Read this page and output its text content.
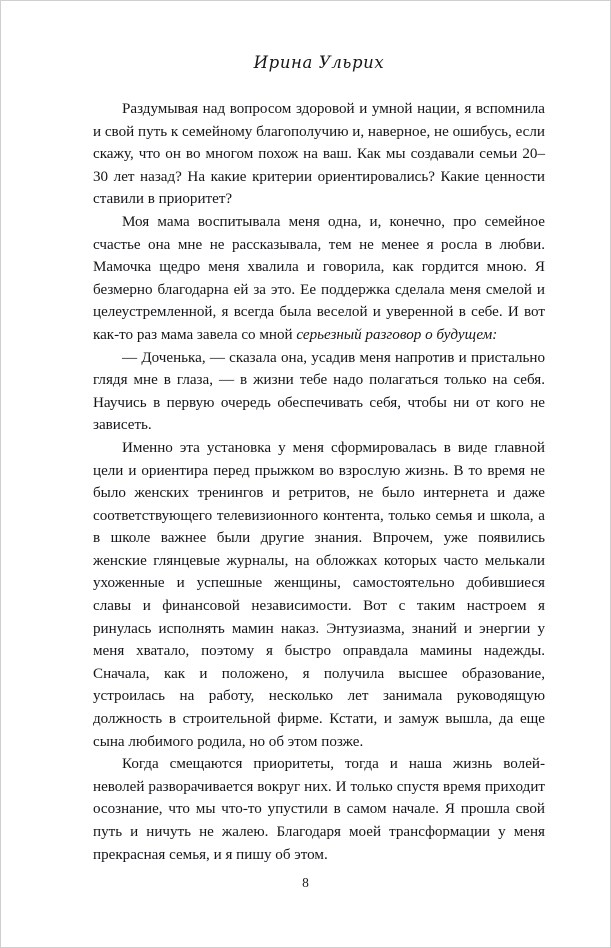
Ирина Ульрих

Раздумывая над вопросом здоровой и умной нации, я вспомнила и свой путь к семейному благополучию и, наверное, не ошибусь, если скажу, что он во многом похож на ваш. Как мы создавали семьи 20–30 лет назад? На какие критерии ориентировались? Какие ценности ставили в приоритет?

Моя мама воспитывала меня одна, и, конечно, про семейное счастье она мне не рассказывала, тем не менее я росла в любви. Мамочка щедро меня хвалила и говорила, как гордится мною. Я безмерно благодарна ей за это. Ее поддержка сделала меня смелой и целеустремленной, я всегда была веселой и уверенной в себе. И вот как-то раз мама завела со мной серьезный разговор о будущем:

— Доченька, — сказала она, усадив меня напротив и пристально глядя мне в глаза, — в жизни тебе надо полагаться только на себя. Научись в первую очередь обеспечивать себя, чтобы ни от кого не зависеть.

Именно эта установка у меня сформировалась в виде главной цели и ориентира перед прыжком во взрослую жизнь. В то время не было женских тренингов и ретритов, не было интернета и даже соответствующего телевизионного контента, только семья и школа, а в школе важнее были другие знания. Впрочем, уже появились женские глянцевые журналы, на обложках которых часто мелькали ухоженные и успешные женщины, самостоятельно добившиеся славы и финансовой независимости. Вот с таким настроем я ринулась исполнять мамин наказ. Энтузиазма, знаний и энергии у меня хватало, поэтому я быстро оправдала мамины надежды. Сначала, как и положено, я получила высшее образование, устроилась на работу, несколько лет занимала руководящую должность в строительной фирме. Кстати, и замуж вышла, да еще сына любимого родила, но об этом позже.

Когда смещаются приоритеты, тогда и наша жизнь волей-неволей разворачивается вокруг них. И только спустя время приходит осознание, что мы что-то упустили в самом начале. Я прошла свой путь и ничуть не жалею. Благодаря моей трансформации у меня прекрасная семья, и я пишу об этом.

8
